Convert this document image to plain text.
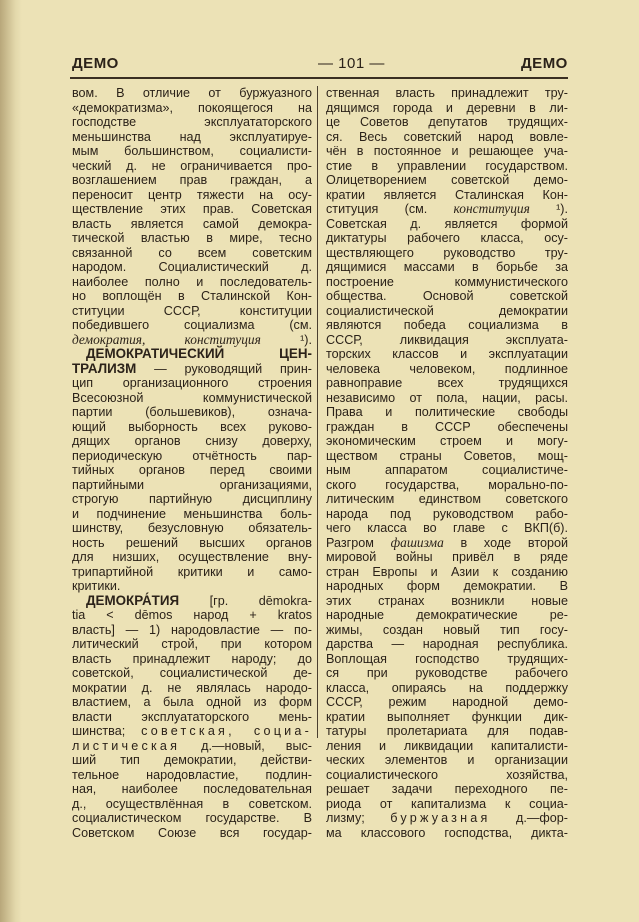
ДЕМО	— 101 —	ДЕМО
вом. В отличие от буржуазного
«демократизма», покоящегося на
господстве эксплуататорского
меньшинства над эксплуатируе-
мым большинством, социалисти-
ческий д. не ограничивается про-
возглашением прав граждан, а
переносит центр тяжести на осу-
ществление этих прав. Советская
власть является самой демокра-
тической властью в мире, тесно
связанной со всем советским
народом. Социалистический д.
наиболее полно и последователь-
но воплощён в Сталинской Кон-
ституции СССР, конституции
победившего социализма (см.
демократия, конституция ¹).
ДЕМОКРАТИЧЕСКИЙ ЦЕН-
ТРАЛИЗМ — руководящий прин-
цип организационного строения
Всесоюзной коммунистической
партии (большевиков), означа-
ющий выборность всех руково-
дящих органов снизу доверху,
периодическую отчётность пар-
тийных органов перед своими
партийными организациями,
строгую партийную дисциплину
и подчинение меньшинства боль-
шинству, безусловную обязатель-
ность решений высших органов
для низших, осуществление вну-
трипартийной критики и само-
критики.
ДЕМОКРА́ТИЯ [гр. dēmokra-
tia < dēmos народ + kratos
власть] — 1) народовластие — по-
литический строй, при котором
власть принадлежит народу; до
советской, социалистической де-
мократии д. не являлась народо-
властием, а была одной из форм
власти эксплуататорского мень-
шинства; советская, социа-
листическая д.—новый, выс-
ший тип демократии, действи-
тельное народовластие, подлин-
ная, наиболее последовательная
д., осуществлённая в советском.
социалистическом государстве. В
Советском Союзе вся государ-
ственная власть принадлежит тру-
дящимся города и деревни в ли-
це Советов депутатов трудящих-
ся. Весь советский народ вовле-
чён в постоянное и решающее уча-
стие в управлении государством.
Олицетворением советской демо-
кратии является Сталинская Кон-
ституция (см. конституция ¹).
Советская д. является формой
диктатуры рабочего класса, осу-
ществляющего руководство тру-
дящимися массами в борьбе за
построение коммунистического
общества. Основой советской
социалистической демократии
являются победа социализма в
СССР, ликвидация эксплуата-
торских классов и эксплуатации
человека человеком, подлинное
равноправие всех трудящихся
независимо от пола, нации, расы.
Права и политические свободы
граждан в СССР обеспечены
экономическим строем и могу-
ществом страны Советов, мощ-
ным аппаратом социалистиче-
ского государства, морально-по-
литическим единством советского
народа под руководством рабо-
чего класса во главе с ВКП(б).
Разгром фашизма в ходе второй
мировой войны привёл в ряде
стран Европы и Азии к созданию
народных форм демократии. В
этих странах возникли новые
народные демократические ре-
жимы, создан новый тип госу-
дарства — народная республика.
Воплощая господство трудящих-
ся при руководстве рабочего
класса, опираясь на поддержку
СССР, режим народной демо-
кратии выполняет функции дик-
татуры пролетариата для подав-
ления и ликвидации капиталисти-
ческих элементов и организации
социалистического хозяйства,
решает задачи переходного пе-
риода от капитализма к социа-
лизму; буржуазная д.—фор-
ма классового господства, дикта-
